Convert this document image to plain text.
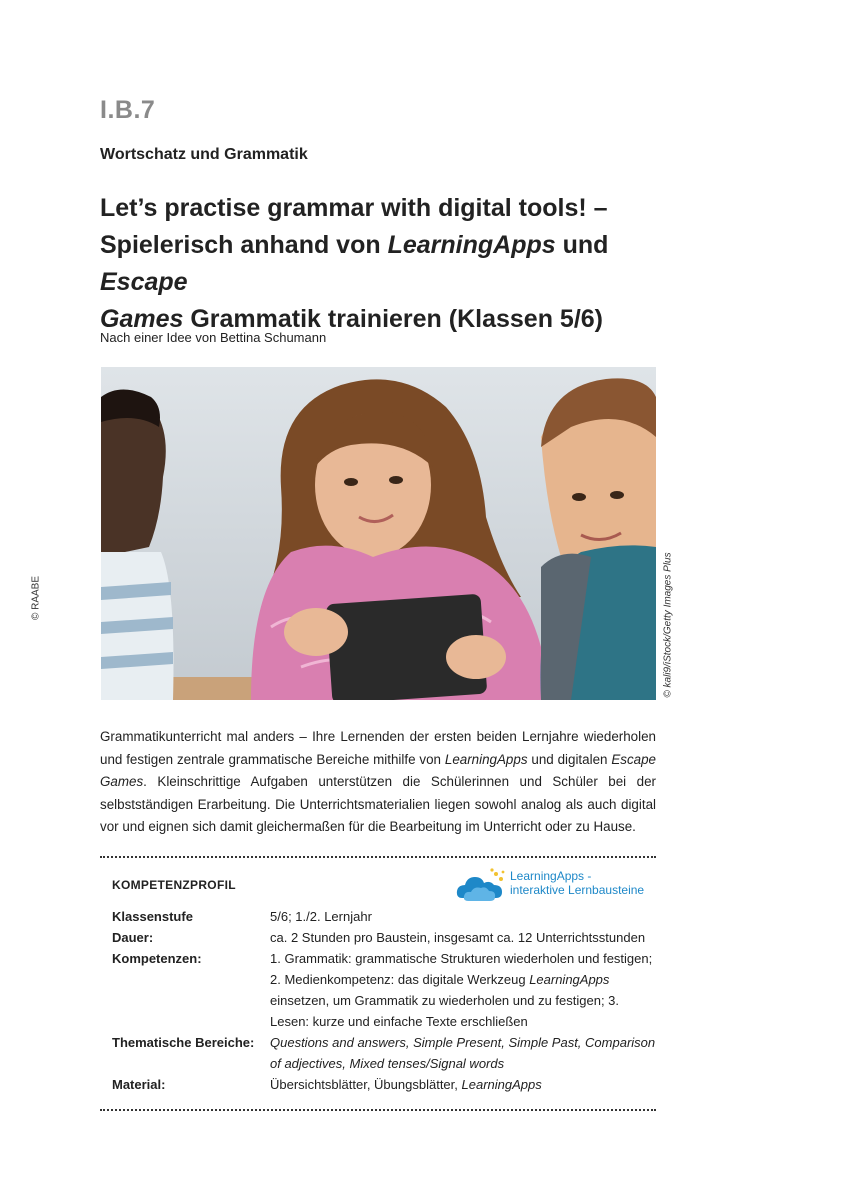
© RAABE
I.B.7
Wortschatz und Grammatik
Let’s practise grammar with digital tools! –
Spielerisch anhand von LearningApps und Escape
Games Grammatik trainieren (Klassen 5/6)
Nach einer Idee von Bettina Schumann
© kali9/iStock/Getty Images Plus
Grammatikunterricht mal anders – Ihre Lernenden der ersten beiden Lernjahre wiederholen und festigen zentrale grammatische Bereiche mithilfe von LearningApps und digitalen Escape Games. Kleinschrittige Aufgaben unterstützen die Schülerinnen und Schüler bei der selbstständigen Erarbeitung. Die Unterrichtsmaterialien liegen sowohl analog als auch digital vor und eignen sich damit gleichermaßen für die Bearbeitung im Unterricht oder zu Hause.
KOMPETENZPROFIL
LearningApps -
interaktive Lernbausteine
Klassenstufe	5/6; 1./2. Lernjahr
Dauer:	ca. 2 Stunden pro Baustein, insgesamt ca. 12 Unterrichtsstunden
Kompetenzen:	1. Grammatik: grammatische Strukturen wiederholen und festigen; 2. Medienkompetenz: das digitale Werkzeug LearningApps einsetzen, um Grammatik zu wiederholen und zu festigen; 3. Lesen: kurze und einfache Texte erschließen
Thematische Bereiche:	Questions and answers, Simple Present, Simple Past, Comparison of adjectives, Mixed tenses/Signal words
Material:	Übersichtsblätter, Übungsblätter, LearningApps
